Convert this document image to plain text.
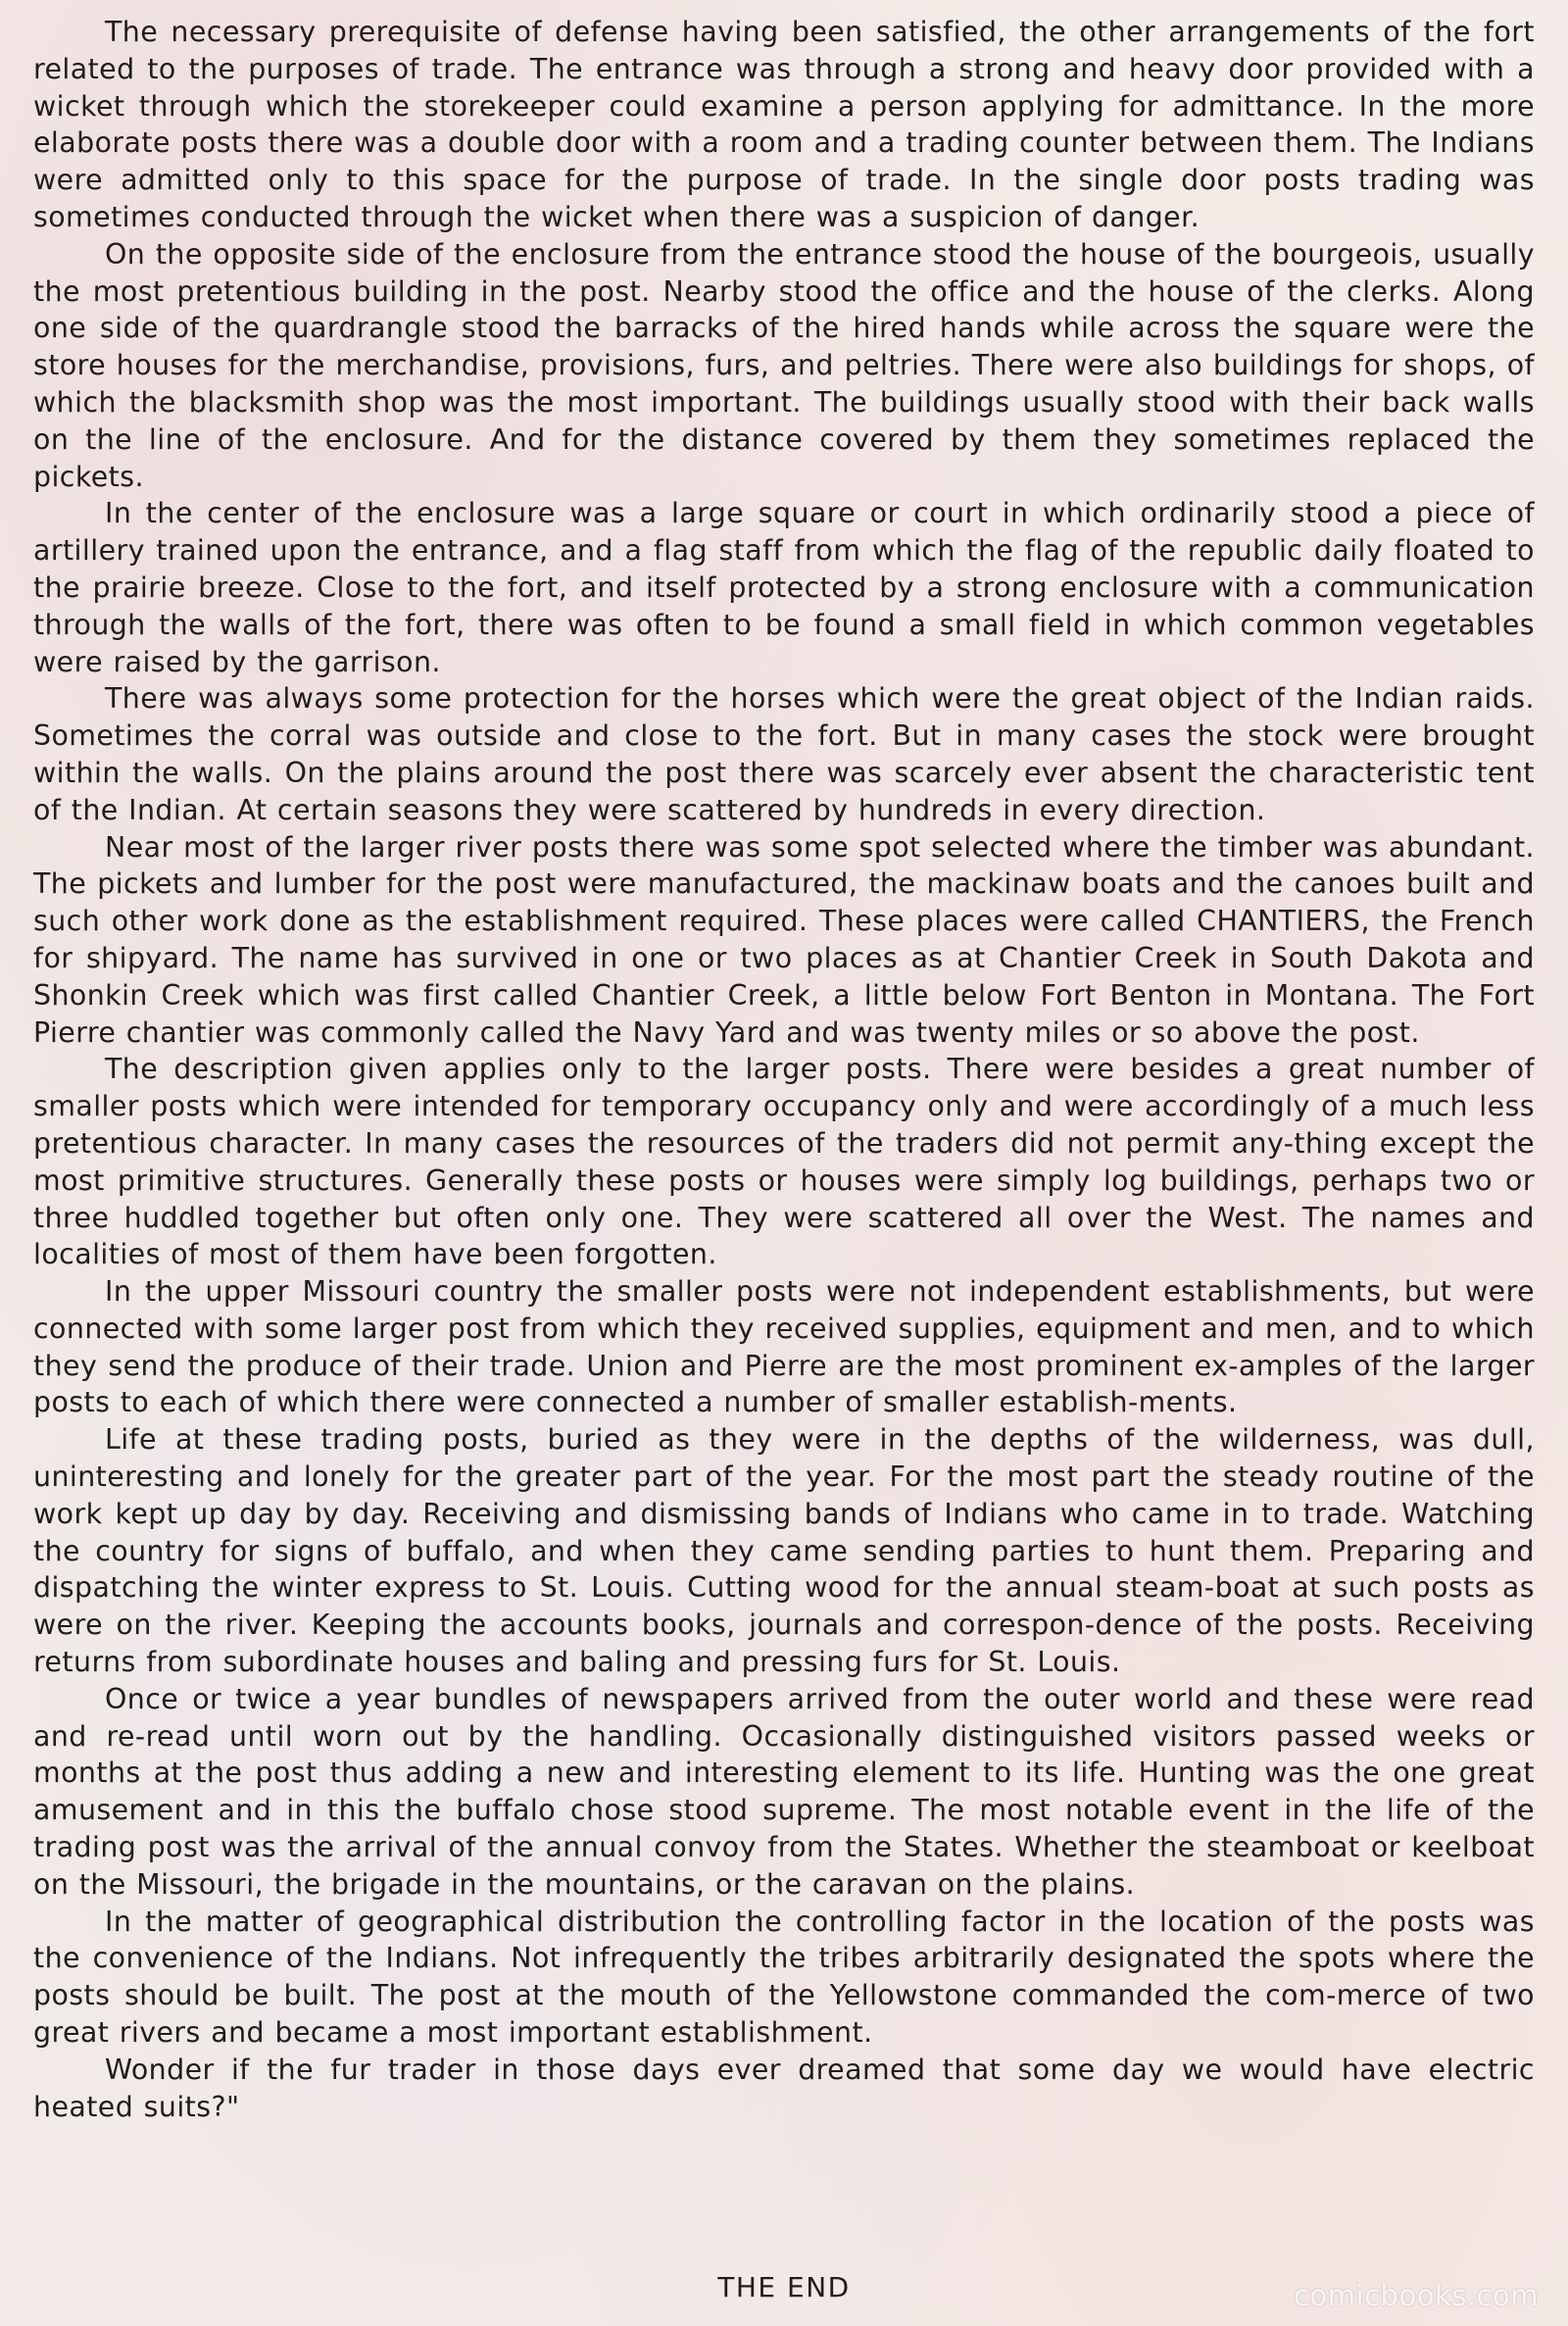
The necessary prerequisite of defense having been satisfied, the other arrangements of the fort related to the purposes of trade. The entrance was through a strong and heavy door provided with a wicket through which the storekeeper could examine a person applying for admittance. In the more elaborate posts there was a double door with a room and a trading counter between them. The Indians were admitted only to this space for the purpose of trade. In the single door posts trading was sometimes conducted through the wicket when there was a suspicion of danger.

On the opposite side of the enclosure from the entrance stood the house of the bourgeois, usually the most pretentious building in the post. Nearby stood the office and the house of the clerks. Along one side of the quardrangle stood the barracks of the hired hands while across the square were the store houses for the merchandise, provisions, furs, and peltries. There were also buildings for shops, of which the blacksmith shop was the most important. The buildings usually stood with their back walls on the line of the enclosure. And for the distance covered by them they sometimes replaced the pickets.

In the center of the enclosure was a large square or court in which ordinarily stood a piece of artillery trained upon the entrance, and a flag staff from which the flag of the republic daily floated to the prairie breeze. Close to the fort, and itself protected by a strong enclosure with a communication through the walls of the fort, there was often to be found a small field in which common vegetables were raised by the garrison.

There was always some protection for the horses which were the great object of the Indian raids. Sometimes the corral was outside and close to the fort. But in many cases the stock were brought within the walls. On the plains around the post there was scarcely ever absent the characteristic tent of the Indian. At certain seasons they were scattered by hundreds in every direction.

Near most of the larger river posts there was some spot selected where the timber was abundant. The pickets and lumber for the post were manufactured, the mackinaw boats and the canoes built and such other work done as the establishment required. These places were called CHANTIERS, the French for shipyard. The name has survived in one or two places as at Chantier Creek in South Dakota and Shonkin Creek which was first called Chantier Creek, a little below Fort Benton in Montana. The Fort Pierre chantier was commonly called the Navy Yard and was twenty miles or so above the post.

The description given applies only to the larger posts. There were besides a great number of smaller posts which were intended for temporary occupancy only and were accordingly of a much less pretentious character. In many cases the resources of the traders did not permit any-thing except the most primitive structures. Generally these posts or houses were simply log buildings, perhaps two or three huddled together but often only one. They were scattered all over the West. The names and localities of most of them have been forgotten.

In the upper Missouri country the smaller posts were not independent establishments, but were connected with some larger post from which they received supplies, equipment and men, and to which they send the produce of their trade. Union and Pierre are the most prominent ex-amples of the larger posts to each of which there were connected a number of smaller establish-ments.

Life at these trading posts, buried as they were in the depths of the wilderness, was dull, uninteresting and lonely for the greater part of the year. For the most part the steady routine of the work kept up day by day. Receiving and dismissing bands of Indians who came in to trade. Watching the country for signs of buffalo, and when they came sending parties to hunt them. Preparing and dispatching the winter express to St. Louis. Cutting wood for the annual steam-boat at such posts as were on the river. Keeping the accounts books, journals and correspon-dence of the posts. Receiving returns from subordinate houses and baling and pressing furs for St. Louis.

Once or twice a year bundles of newspapers arrived from the outer world and these were read and re-read until worn out by the handling. Occasionally distinguished visitors passed weeks or months at the post thus adding a new and interesting element to its life. Hunting was the one great amusement and in this the buffalo chose stood supreme. The most notable event in the life of the trading post was the arrival of the annual convoy from the States. Whether the steamboat or keelboat on the Missouri, the brigade in the mountains, or the caravan on the plains.

In the matter of geographical distribution the controlling factor in the location of the posts was the convenience of the Indians. Not infrequently the tribes arbitrarily designated the spots where the posts should be built. The post at the mouth of the Yellowstone commanded the com-merce of two great rivers and became a most important establishment.

Wonder if the fur trader in those days ever dreamed that some day we would have electric heated suits?"

THE END	comicbooks.com
